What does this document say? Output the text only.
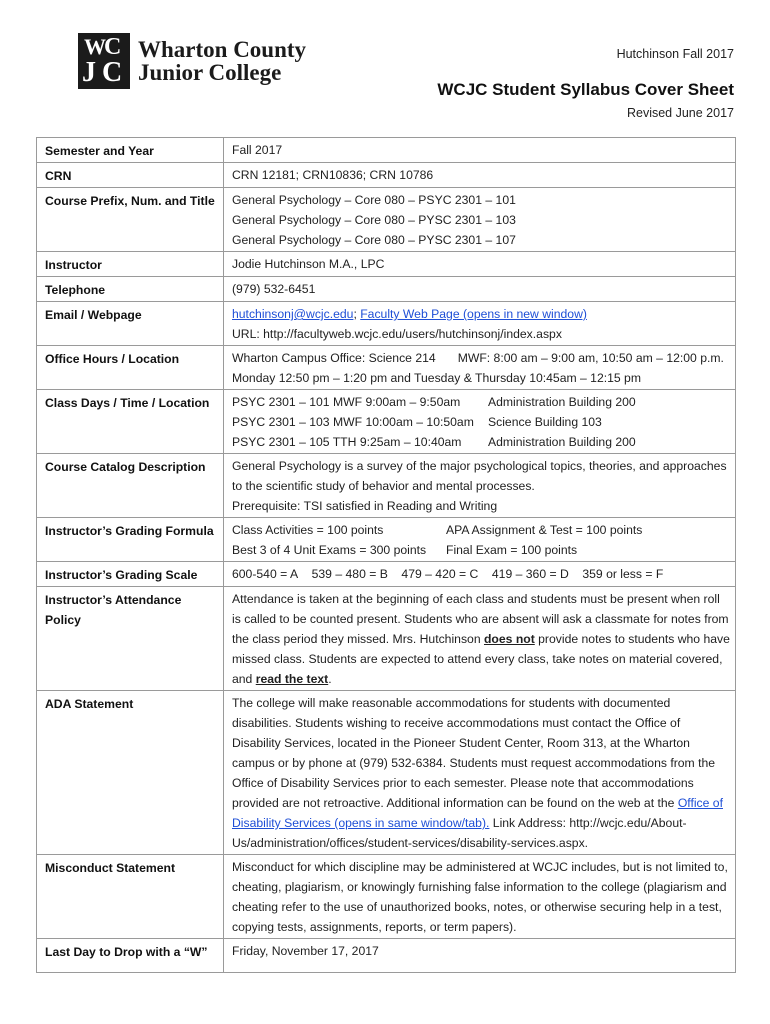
W
C
J C
Wharton County
Junior College
Hutchinson Fall 2017
WCJC Student Syllabus Cover Sheet
Revised June 2017
Semester and Year	Fall 2017
CRN	CRN 12181; CRN10836; CRN 10786
Course Prefix, Num. and Title	General Psychology – Core 080 – PSYC 2301 – 101
General Psychology – Core 080 – PYSC 2301 – 103
General Psychology – Core 080 – PYSC 2301 – 107

Instructor	Jodie Hutchinson M.A., LPC
Telephone	(979) 532-6451
Email / Webpage	hutchinsonj@wcjc.edu; Faculty Web Page (opens in new window)
URL: http://facultyweb.wcjc.edu/users/hutchinsonj/index.aspx

Office Hours / Location	Wharton Campus Office: Science 214 MWF: 8:00 am – 9:00 am, 10:50 am – 12:00 p.m.
Monday 12:50 pm – 1:20 pm and Tuesday & Thursday 10:45am – 12:15 pm

Class Days / Time / Location	PSYC 2301 – 101 MWF 9:00am – 9:50am Administration Building 200
PSYC 2301 – 103 MWF 10:00am – 10:50am Science Building 103
PSYC 2301 – 105 TTH 9:25am – 10:40am Administration Building 200

Course Catalog Description	General Psychology is a survey of the major psychological topics, theories, and approaches to the scientific study of behavior and mental processes.
Prerequisite: TSI satisfied in Reading and Writing

Instructor’s Grading Formula	Class Activities = 100 points APA Assignment & Test = 100 points
Best 3 of 4 Unit Exams = 300 points Final Exam = 100 points

Instructor’s Grading Scale	600-540 = A 539 – 480 = B 479 – 420 = C 419 – 360 = D 359 or less = F

Instructor’s Attendance Policy	Attendance is taken at the beginning of each class and students must be present when roll is called to be counted present. Students who are absent will ask a classmate for notes from the class period they missed. Mrs. Hutchinson does not provide notes to students who have missed class. Students are expected to attend every class, take notes on material covered, and read the text.

ADA Statement	The college will make reasonable accommodations for students with documented disabilities. Students wishing to receive accommodations must contact the Office of Disability Services, located in the Pioneer Student Center, Room 313, at the Wharton campus or by phone at (979) 532-6384. Students must request accommodations from the Office of Disability Services prior to each semester. Please note that accommodations provided are not retroactive. Additional information can be found on the web at the Office of Disability Services (opens in same window/tab). Link Address: http://wcjc.edu/About-Us/administration/offices/student-services/disability-services.aspx.

Misconduct Statement	Misconduct for which discipline may be administered at WCJC includes, but is not limited to, cheating, plagiarism, or knowingly furnishing false information to the college (plagiarism and cheating refer to the use of unauthorized books, notes, or otherwise securing help in a test, copying tests, assignments, reports, or term papers).

Last Day to Drop with a “W”	Friday, November 17, 2017
